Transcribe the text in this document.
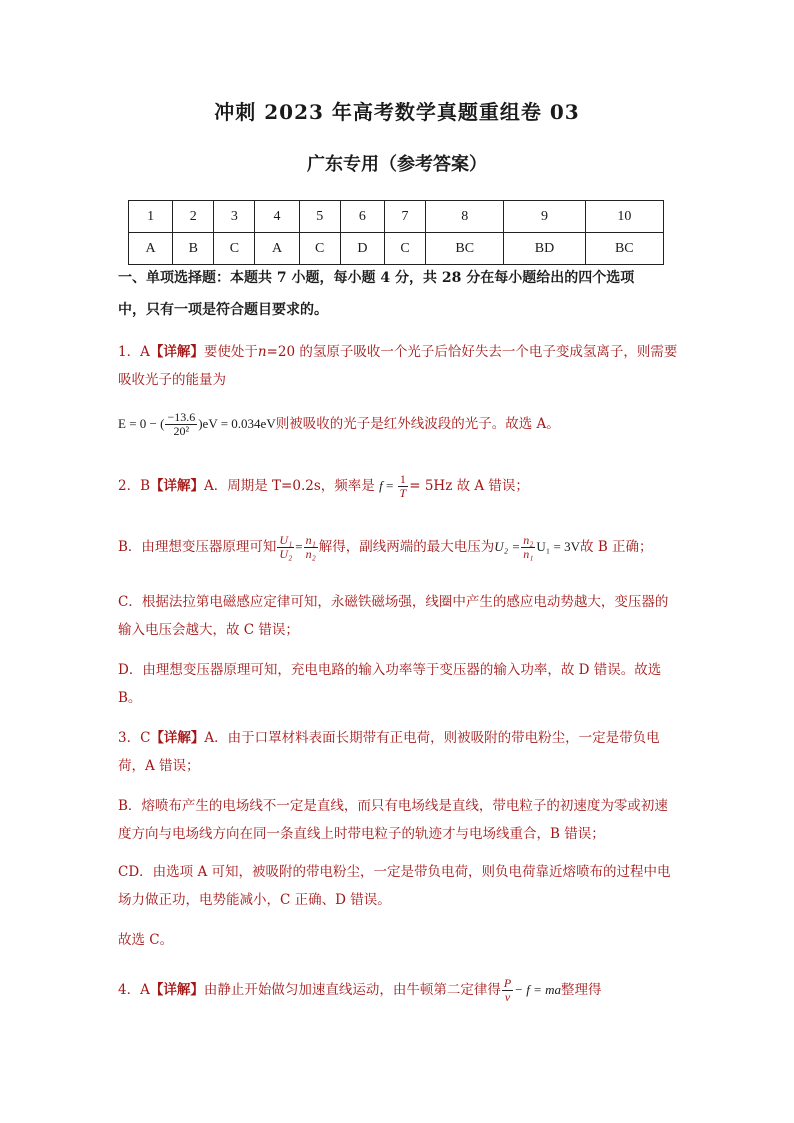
冲刺 2023 年高考数学真题重组卷 03
广东专用（参考答案）
1	2	3	4	5	6	7	8	9	10
A	B	C	A	C	D	C	BC	BD	BC
一、单项选择题：本题共 7 小题，每小题 4 分，共 28 分在每小题给出的四个选项
中，只有一项是符合题目要求的。
1．A【详解】要使处于n=20 的氢原子吸收一个光子后恰好失去一个电子变成氢离子，则需要吸收光子的能量为
E = 0 − ( $\frac{-13.6}{\text{20²}} )eV = 0.034eV$则被吸收的光子是红外线波段的光子。故选 A。
2．B【详解】A．周期是 T=0.2s，频率是 $f = \frac{1}{T} = 5Hz$ 故 A 错误；
B．由理想变压器原理可知 $\frac{\text{U₁}}{\text{U₂}} = \frac{\text{n₁}}{\text{n₂}}$ 解得，副线两端的最大电压为$U_2 = \frac{\text{n₂}}{\text{n₁}} U_1 = 3V$故 B 正确；
C．根据法拉第电磁感应定律可知，永磁铁磁场强，线圈中产生的感应电动势越大，变压器的输入电压会越大，故 C 错误；
D．由理想变压器原理可知，充电电路的输入功率等于变压器的输入功率，故 D 错误。故选 B。
3．C【详解】A．由于口罩材料表面长期带有正电荷，则被吸附的带电粉尘，一定是带负电荷，A 错误；
B．熔喷布产生的电场线不一定是直线，而只有电场线是直线，带电粒子的初速度为零或初速度方向与电场线方向在同一条直线上时带电粒子的轨迹才与电场线重合，B 错误；
CD．由选项 A 可知，被吸附的带电粉尘，一定是带负电荷，则负电荷靠近熔喷布的过程中电场力做正功，电势能减小，C 正确、D 错误。
故选 C。
4．A【详解】由静止开始做匀加速直线运动，由牛顿第二定律得 $\frac{P}{v} - f$ = ma整理得
